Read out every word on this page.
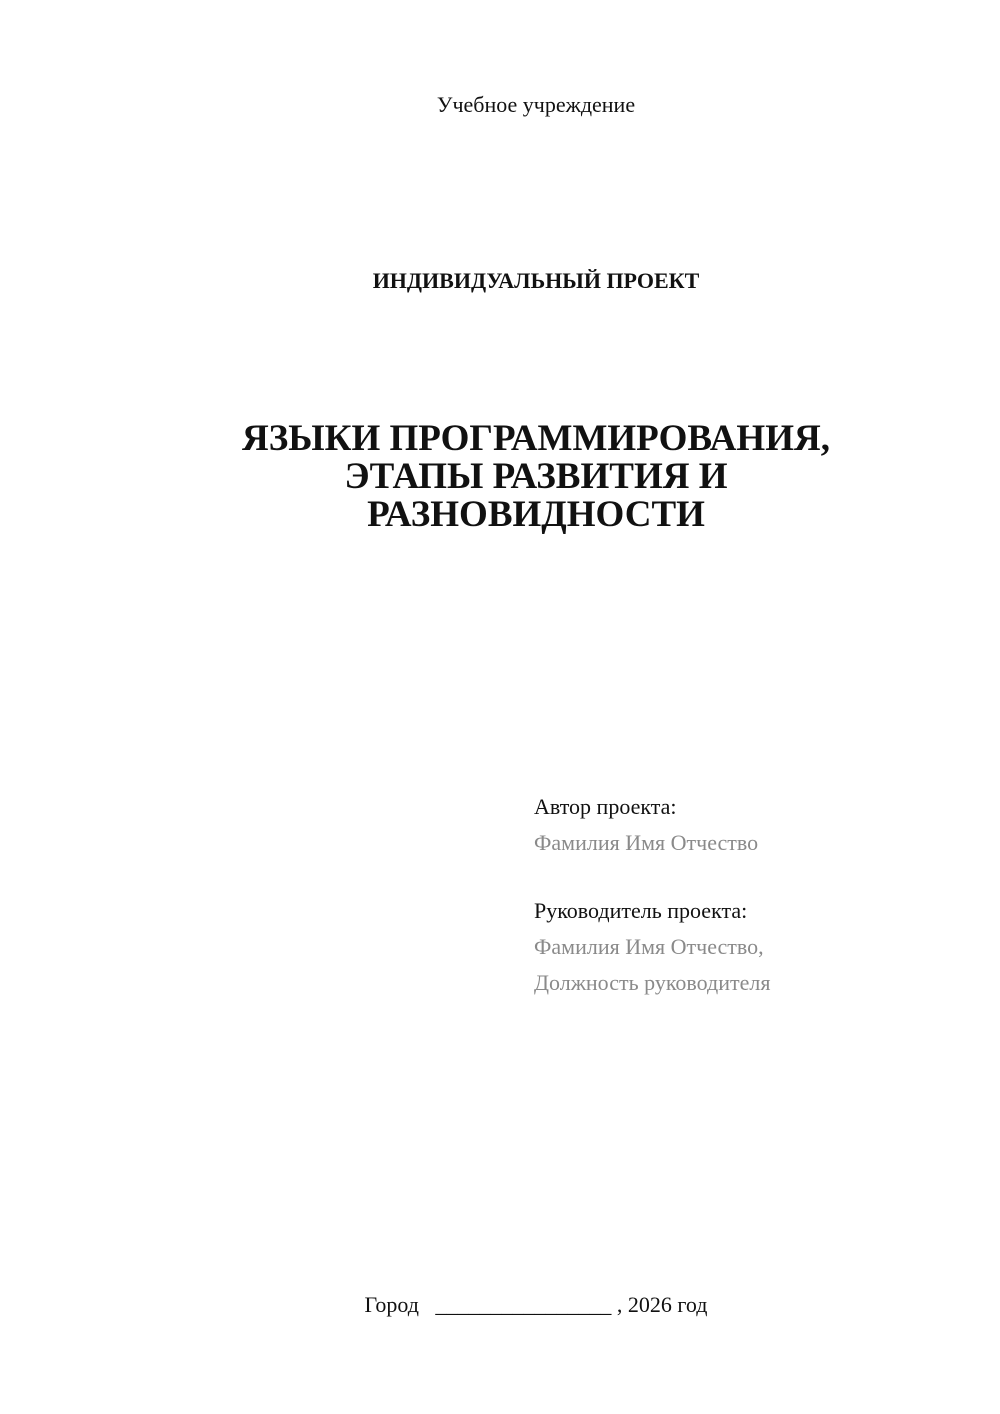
Учебное учреждение
ИНДИВИДУАЛЬНЫЙ ПРОЕКТ
ЯЗЫКИ ПРОГРАММИРОВАНИЯ,
ЭТАПЫ РАЗВИТИЯ И
РАЗНОВИДНОСТИ
Автор проекта:
Фамилия Имя Отчество
Руководитель проекта:
Фамилия Имя Отчество,
Должность руководителя
Город ________________ , 2026 год
